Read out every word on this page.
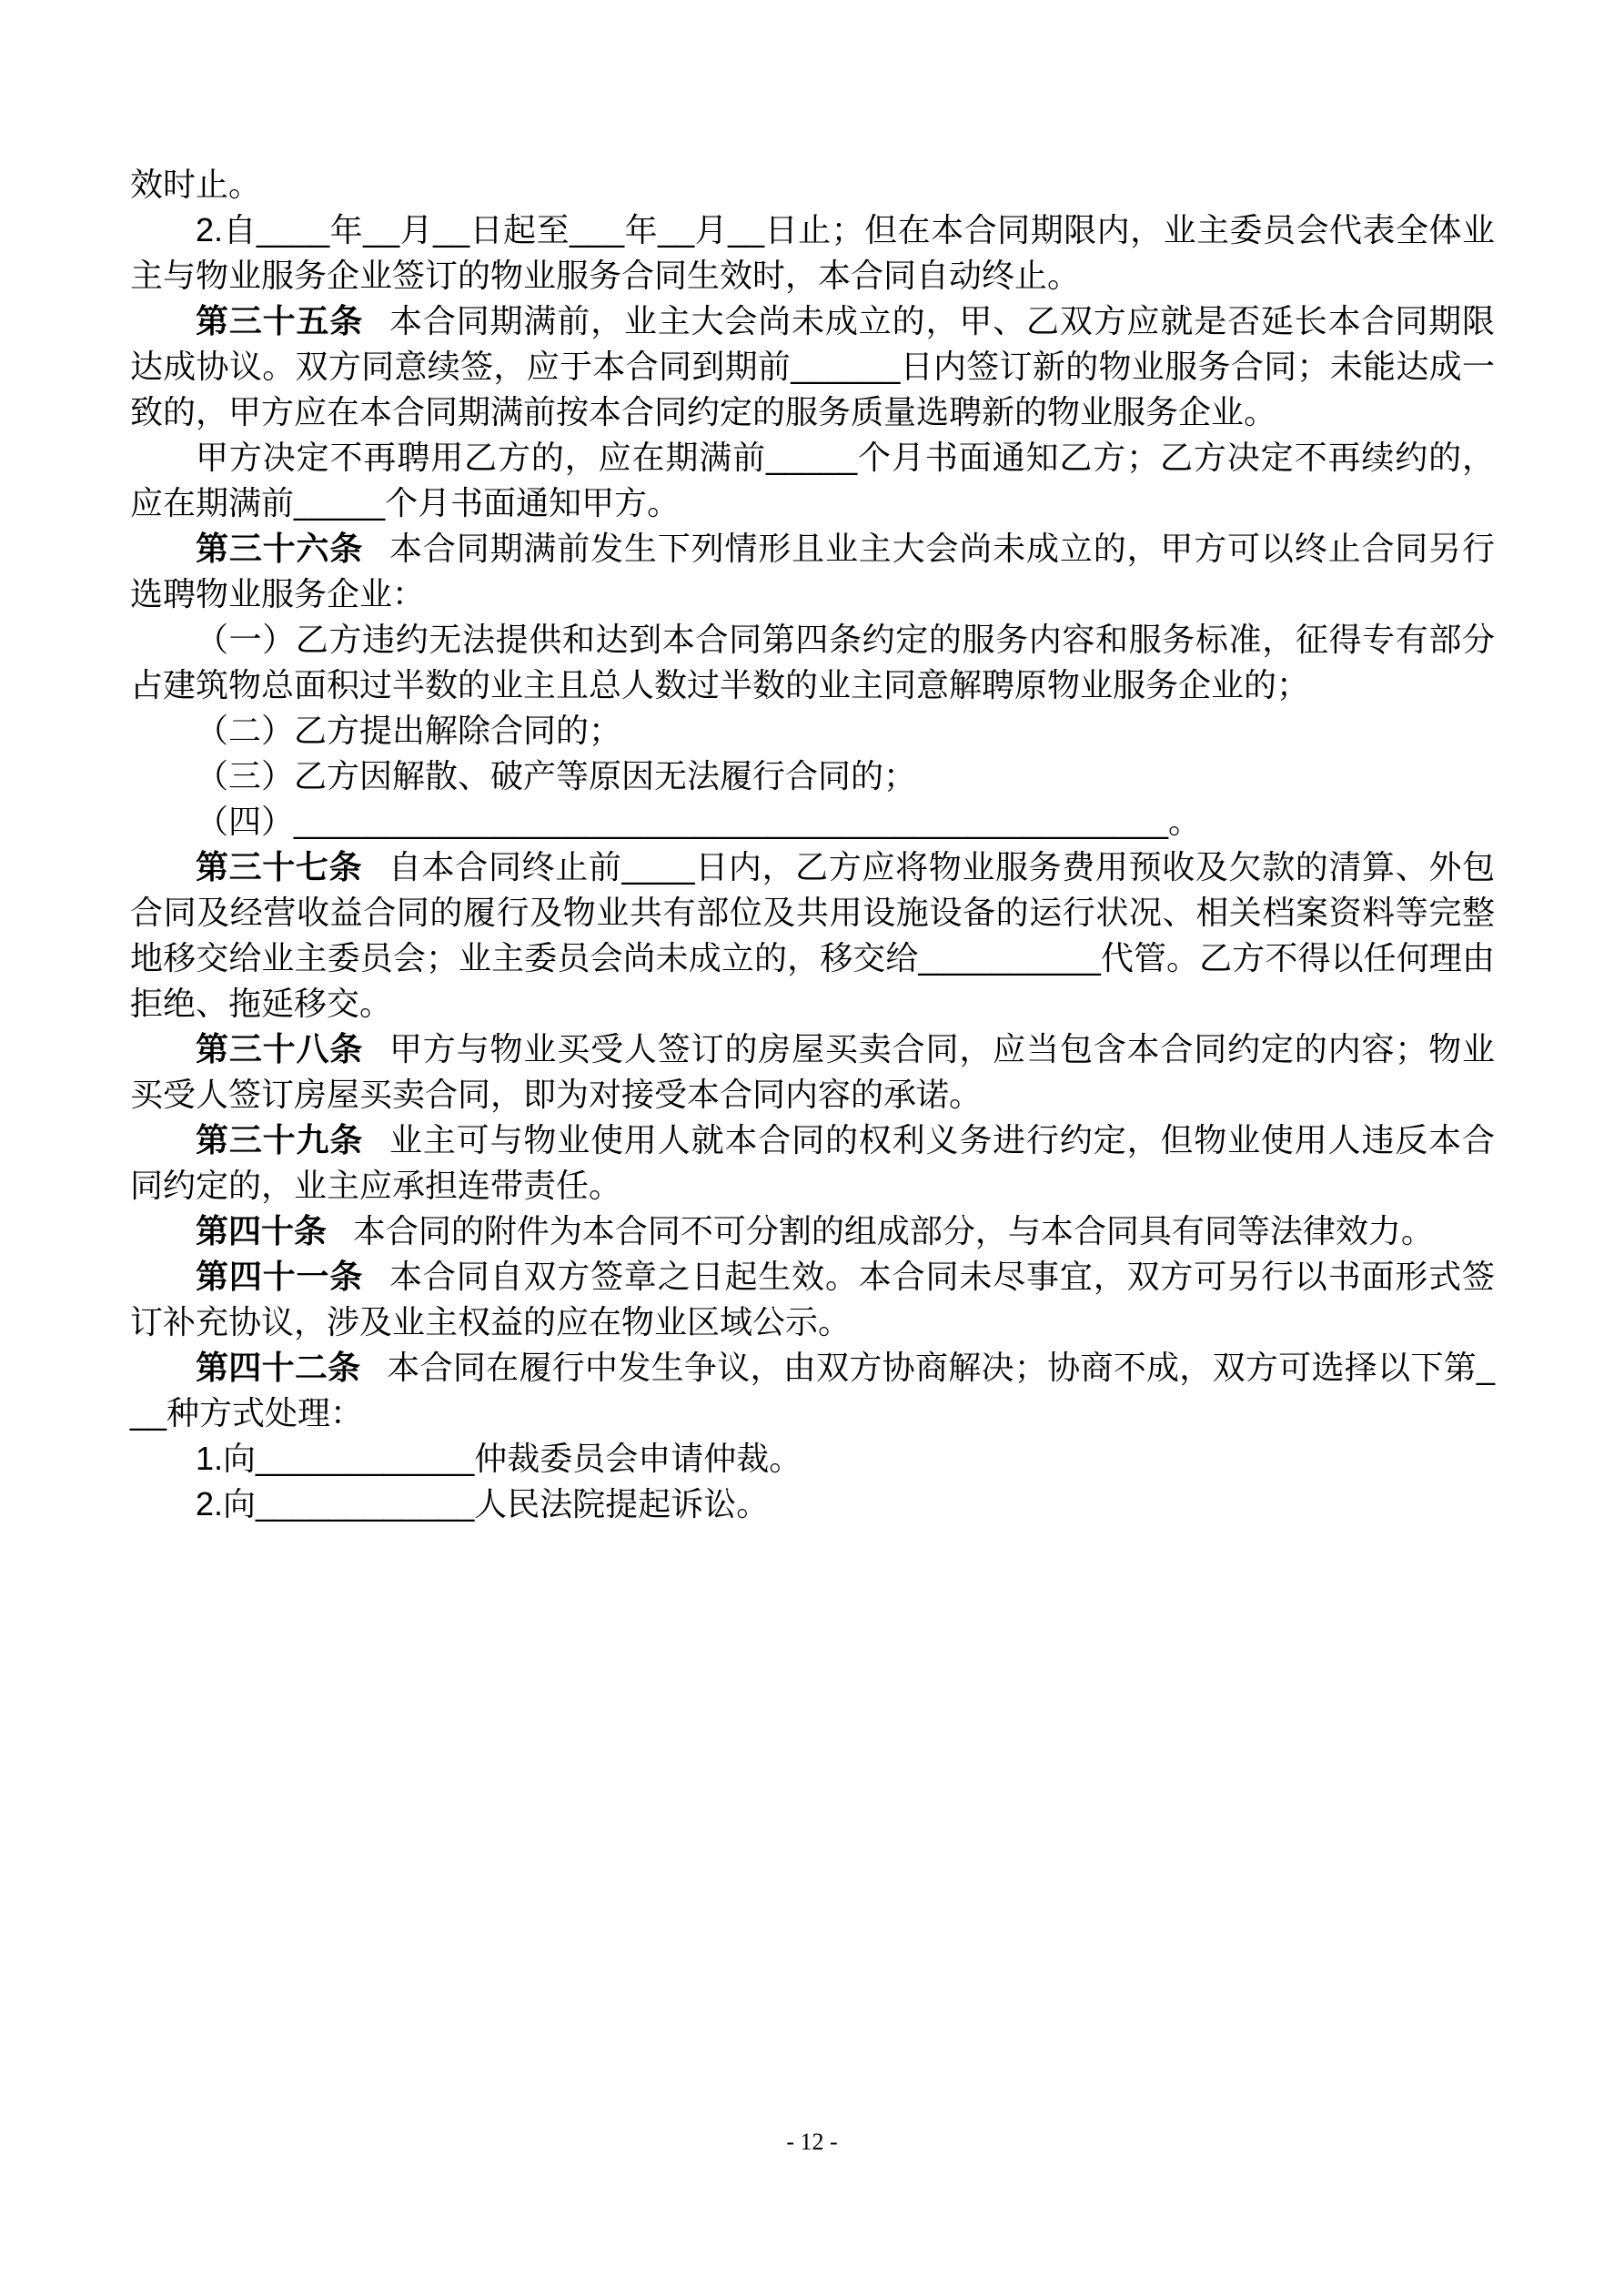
效时止。

2.自____年__月__日起至___年__月__日止；但在本合同期限内，业主委员会代表全体业主与物业服务企业签订的物业服务合同生效时，本合同自动终止。

第三十五条 本合同期满前，业主大会尚未成立的，甲、乙双方应就是否延长本合同期限达成协议。双方同意续签，应于本合同到期前______日内签订新的物业服务合同；未能达成一致的，甲方应在本合同期满前按本合同约定的服务质量选聘新的物业服务企业。

甲方决定不再聘用乙方的，应在期满前_____个月书面通知乙方；乙方决定不再续约的，应在期满前_____个月书面通知甲方。

第三十六条 本合同期满前发生下列情形且业主大会尚未成立的，甲方可以终止合同另行选聘物业服务企业：

（一）乙方违约无法提供和达到本合同第四条约定的服务内容和服务标准，征得专有部分占建筑物总面积过半数的业主且总人数过半数的业主同意解聘原物业服务企业的；

（二）乙方提出解除合同的；

（三）乙方因解散、破产等原因无法履行合同的；

（四）________________________________________________。

第三十七条 自本合同终止前____日内，乙方应将物业服务费用预收及欠款的清算、外包合同及经营收益合同的履行及物业共有部位及共用设施设备的运行状况、相关档案资料等完整地移交给业主委员会；业主委员会尚未成立的，移交给__________代管。乙方不得以任何理由拒绝、拖延移交。

第三十八条 甲方与物业买受人签订的房屋买卖合同，应当包含本合同约定的内容；物业买受人签订房屋买卖合同，即为对接受本合同内容的承诺。

第三十九条 业主可与物业使用人就本合同的权利义务进行约定，但物业使用人违反本合同约定的，业主应承担连带责任。

第四十条 本合同的附件为本合同不可分割的组成部分，与本合同具有同等法律效力。

第四十一条 本合同自双方签章之日起生效。本合同未尽事宜，双方可另行以书面形式签订补充协议，涉及业主权益的应在物业区域公示。

第四十二条 本合同在履行中发生争议，由双方协商解决；协商不成，双方可选择以下第___种方式处理：

1.向____________仲裁委员会申请仲裁。

2.向____________人民法院提起诉讼。

- 12 -
